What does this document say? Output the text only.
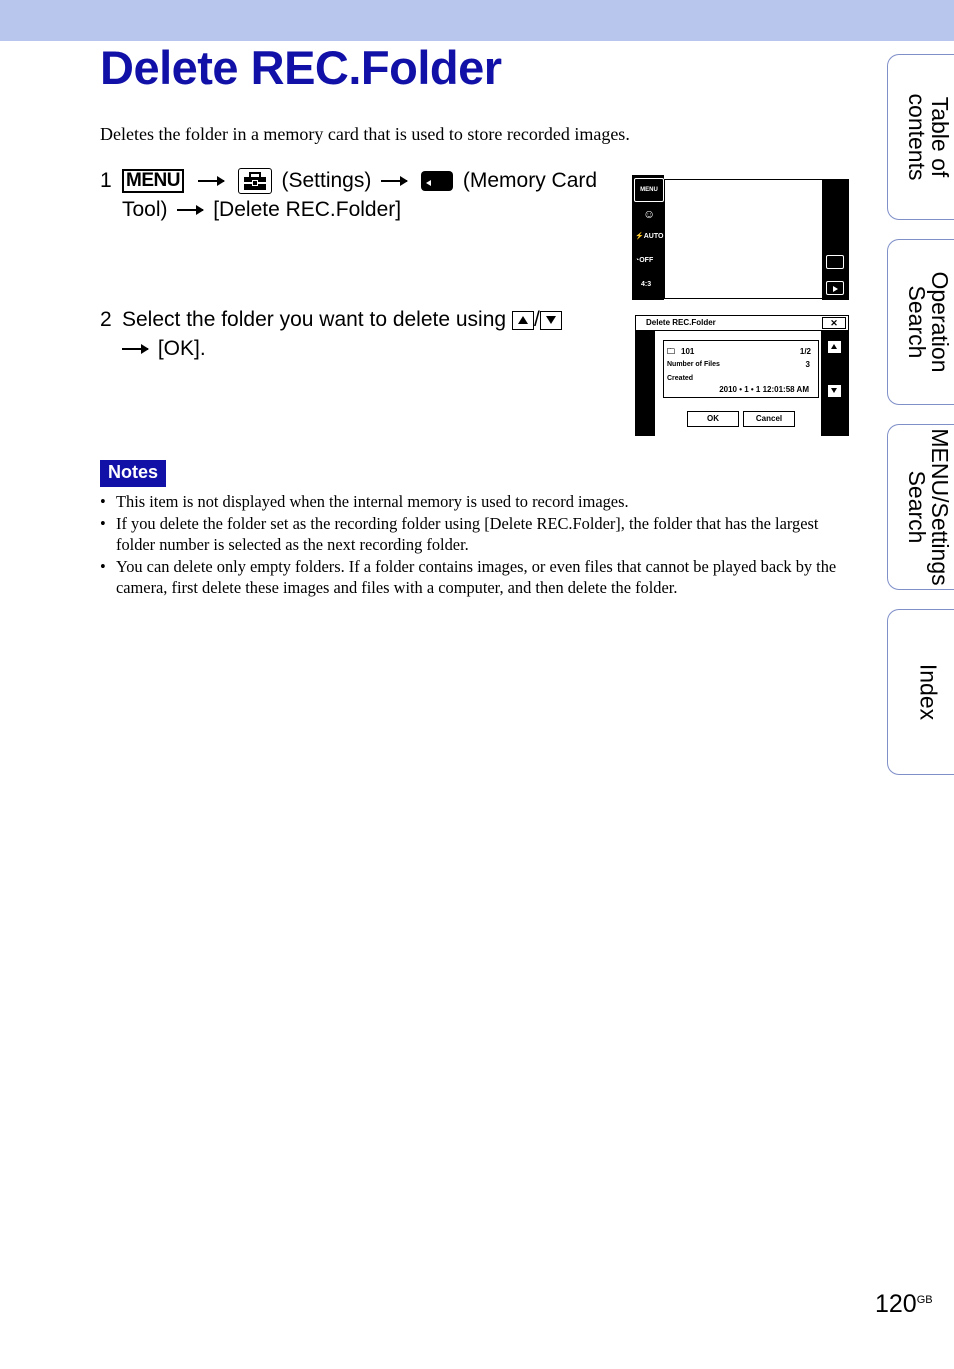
Delete REC.Folder
Deletes the folder in a memory card that is used to store recorded images.
1 MENU	(Settings)	(Memory Card
Tool) [Delete REC.Folder]
2 Select the folder you want to delete using /
[OK].
MENU
☺
⚡AUTO
◔OFF
4:3
Delete REC.Folder	✕
🗀 101	1/2
Number of Files	3
Created
2010 • 1 • 1 12:01:58 AM
OK	Cancel
Notes
• This item is not displayed when the internal memory is used to record images.
• If you delete the folder set as the recording folder using [Delete REC.Folder], the folder that has the largest folder number is selected as the next recording folder.
• You can delete only empty folders. If a folder contains images, or even files that cannot be played back by the camera, first delete these images and files with a computer, and then delete the folder.
Table of
contents
Operation
Search
MENU/Settings
Search
Index
$120^{GB}$
